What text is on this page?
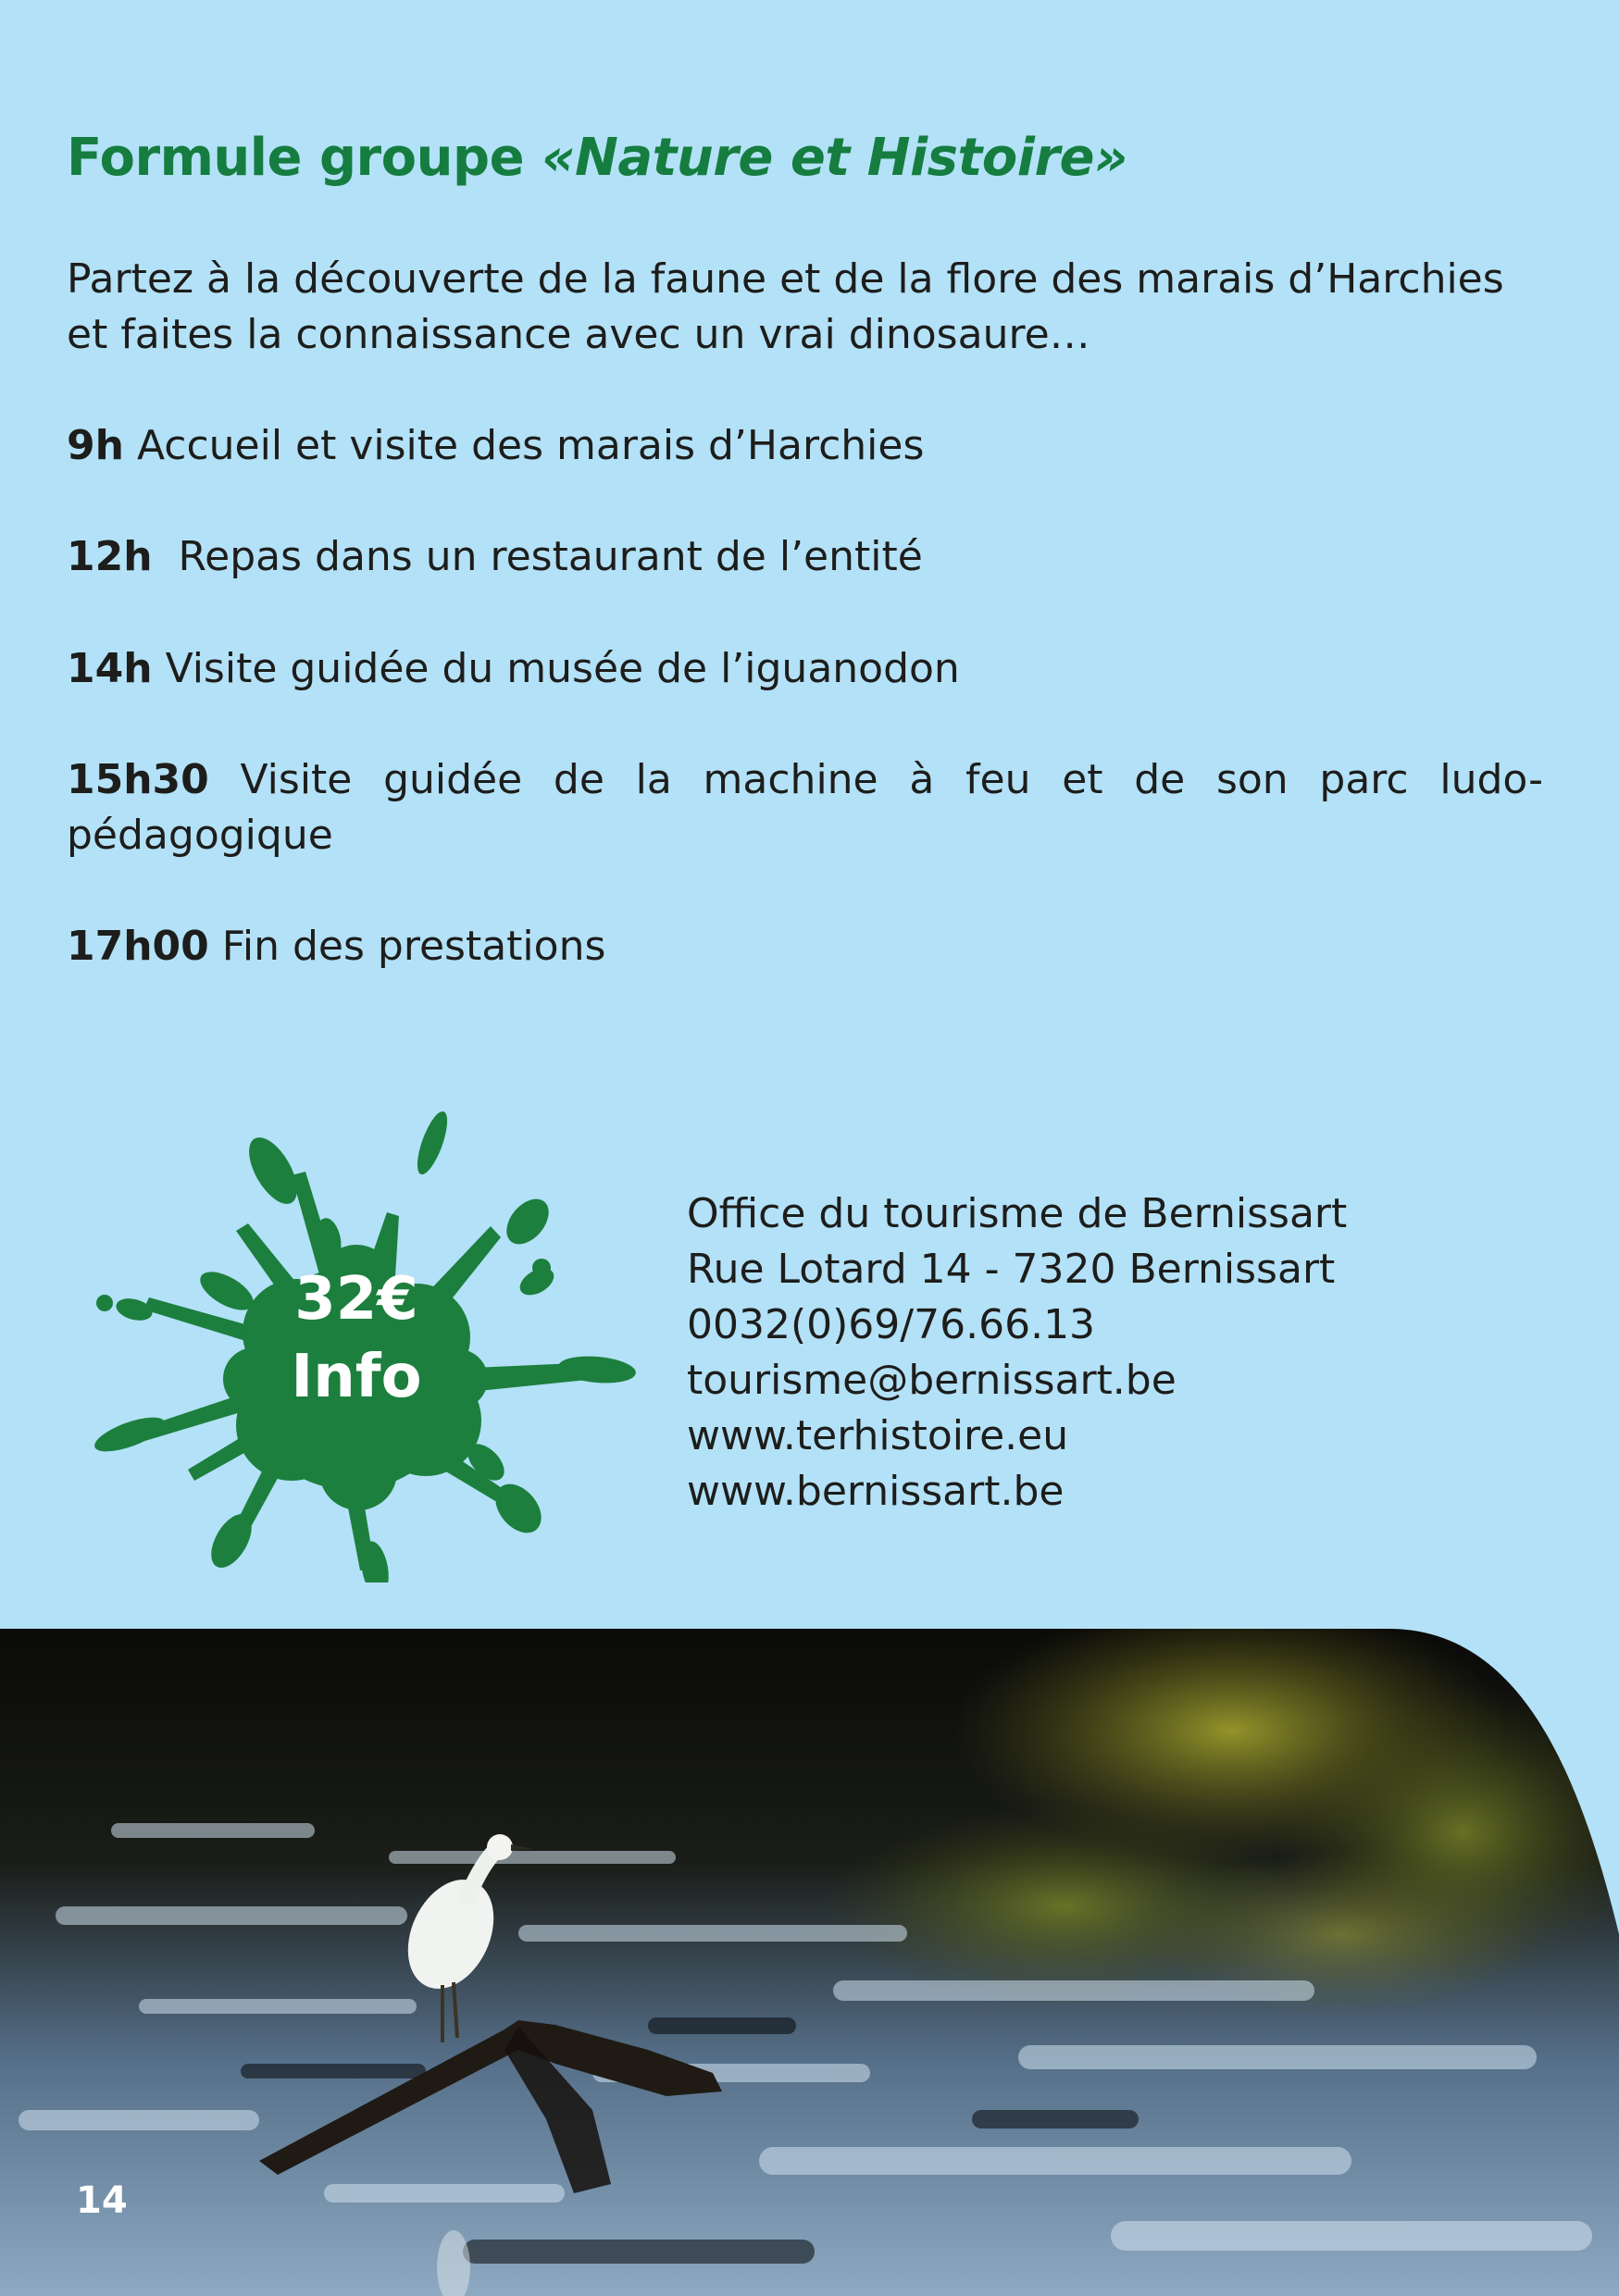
Formule groupe «Nature et Histoire»

Partez à la découverte de la faune et de la flore des marais d’Harchies et faites la connaissance avec un vrai dinosaure…

9h Accueil et visite des marais d’Harchies

12h Repas dans un restaurant de l’entité

14h Visite guidée du musée de l’iguanodon

15h30 Visite guidée de la machine à feu et de son parc ludo-pédagogique

17h00 Fin des prestations

32€
Info
Office du tourisme de Bernissart
Rue Lotard 14 - 7320 Bernissart
0032(0)69/76.66.13
tourisme@bernissart.be
www.terhistoire.eu
www.bernissart.be
14
